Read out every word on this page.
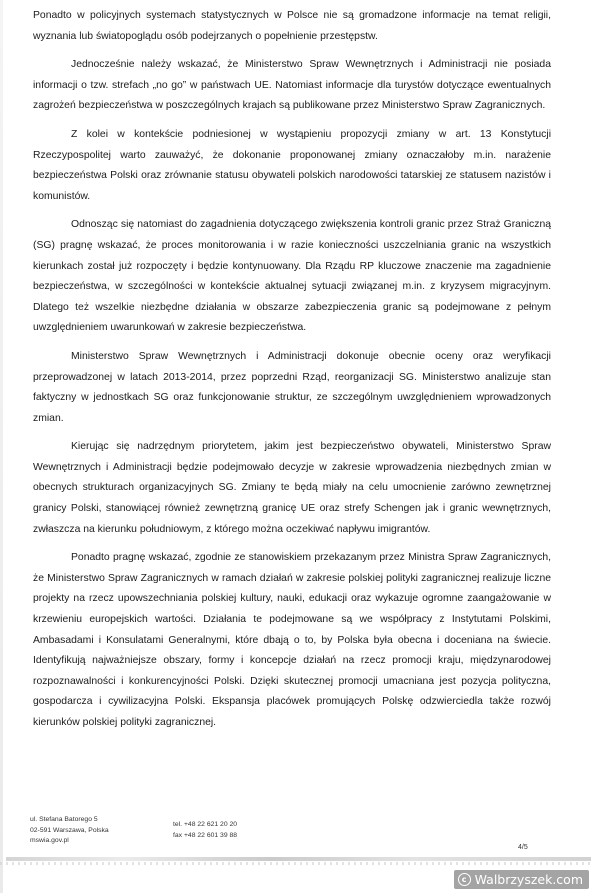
Ponadto w policyjnych systemach statystycznych w Polsce nie są gromadzone informacje na temat religii, wyznania lub światopoglądu osób podejrzanych o popełnienie przestępstw.

Jednocześnie należy wskazać, że Ministerstwo Spraw Wewnętrznych i Administracji nie posiada informacji o tzw. strefach „no go” w państwach UE. Natomiast informacje dla turystów dotyczące ewentualnych zagrożeń bezpieczeństwa w poszczególnych krajach są publikowane przez Ministerstwo Spraw Zagranicznych.

Z kolei w kontekście podniesionej w wystąpieniu propozycji zmiany w art. 13 Konstytucji Rzeczypospolitej warto zauważyć, że dokonanie proponowanej zmiany oznaczałoby m.in. narażenie bezpieczeństwa Polski oraz zrównanie statusu obywateli polskich narodowości tatarskiej ze statusem nazistów i komunistów.

Odnosząc się natomiast do zagadnienia dotyczącego zwiększenia kontroli granic przez Straż Graniczną (SG) pragnę wskazać, że proces monitorowania i w razie konieczności uszczelniania granic na wszystkich kierunkach został już rozpoczęty i będzie kontynuowany. Dla Rządu RP kluczowe znaczenie ma zagadnienie bezpieczeństwa, w szczególności w kontekście aktualnej sytuacji związanej m.in. z kryzysem migracyjnym. Dlatego też wszelkie niezbędne działania w obszarze zabezpieczenia granic są podejmowane z pełnym uwzględnieniem uwarunkowań w zakresie bezpieczeństwa.

Ministerstwo Spraw Wewnętrznych i Administracji dokonuje obecnie oceny oraz weryfikacji przeprowadzonej w latach 2013-2014, przez poprzedni Rząd, reorganizacji SG. Ministerstwo analizuje stan faktyczny w jednostkach SG oraz funkcjonowanie struktur, ze szczególnym uwzględnieniem wprowadzonych zmian.

Kierując się nadrzędnym priorytetem, jakim jest bezpieczeństwo obywateli, Ministerstwo Spraw Wewnętrznych i Administracji będzie podejmowało decyzje w zakresie wprowadzenia niezbędnych zmian w obecnych strukturach organizacyjnych SG. Zmiany te będą miały na celu umocnienie zarówno zewnętrznej granicy Polski, stanowiącej również zewnętrzną granicę UE oraz strefy Schengen jak i granic wewnętrznych, zwłaszcza na kierunku południowym, z którego można oczekiwać napływu imigrantów.

Ponadto pragnę wskazać, zgodnie ze stanowiskiem przekazanym przez Ministra Spraw Zagranicznych, że Ministerstwo Spraw Zagranicznych w ramach działań w zakresie polskiej polityki zagranicznej realizuje liczne projekty na rzecz upowszechniania polskiej kultury, nauki, edukacji oraz wykazuje ogromne zaangażowanie w krzewieniu europejskich wartości. Działania te podejmowane są we współpracy z Instytutami Polskimi, Ambasadami i Konsulatami Generalnymi, które dbają o to, by Polska była obecna i doceniana na świecie. Identyfikują najważniejsze obszary, formy i koncepcje działań na rzecz promocji kraju, międzynarodowej rozpoznawalności i konkurencyjności Polski. Dzięki skutecznej promocji umacniana jest pozycja polityczna, gospodarcza i cywilizacyjna Polski. Ekspansja placówek promujących Polskę odzwierciedla także rozwój kierunków polskiej polityki zagranicznej.

ul. Stefana Batorego 5
02-591 Warszawa, Polska
mswia.gov.pl
tel. +48 22 621 20 20
fax +48 22 601 39 88
4/5
c Walbrzyszek.com
